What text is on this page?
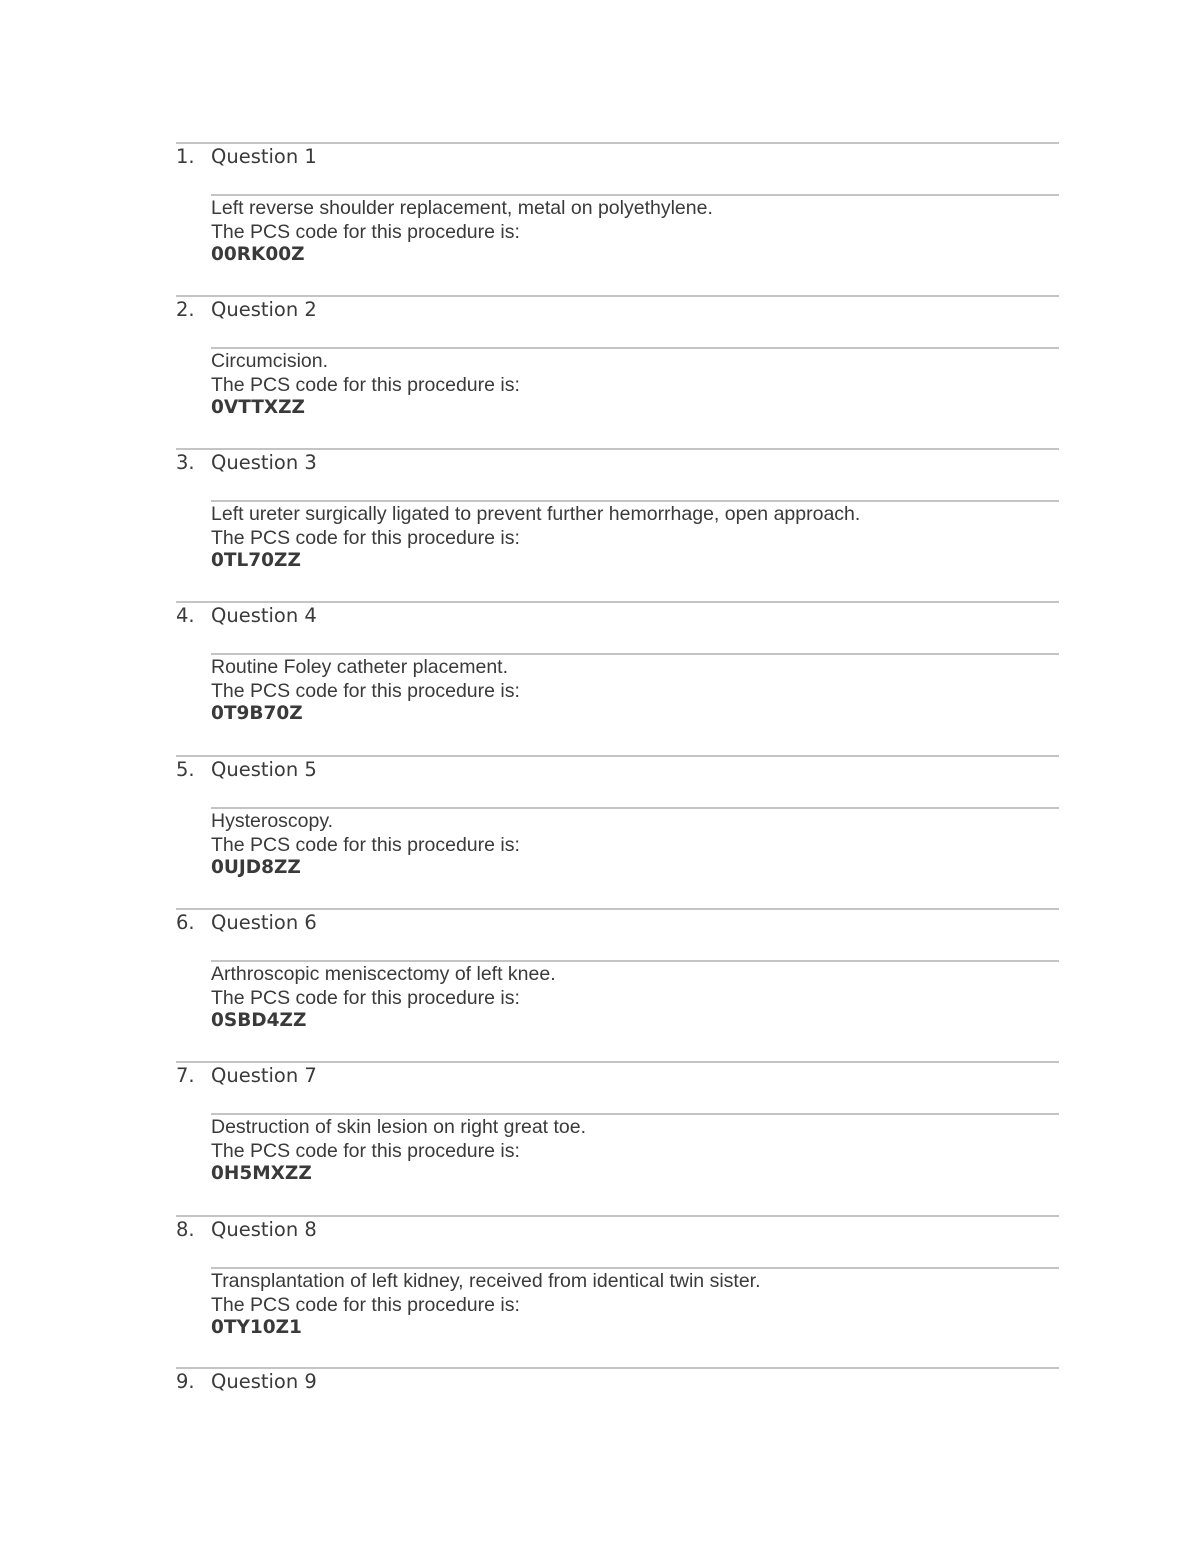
1. Question 1
Left reverse shoulder replacement, metal on polyethylene.
The PCS code for this procedure is:
00RK00Z
2. Question 2
Circumcision.
The PCS code for this procedure is:
0VTTXZZ
3. Question 3
Left ureter surgically ligated to prevent further hemorrhage, open approach.
The PCS code for this procedure is:
0TL70ZZ
4. Question 4
Routine Foley catheter placement.
The PCS code for this procedure is:
0T9B70Z
5. Question 5
Hysteroscopy.
The PCS code for this procedure is:
0UJD8ZZ
6. Question 6
Arthroscopic meniscectomy of left knee.
The PCS code for this procedure is:
0SBD4ZZ
7. Question 7
Destruction of skin lesion on right great toe.
The PCS code for this procedure is:
0H5MXZZ
8. Question 8
Transplantation of left kidney, received from identical twin sister.
The PCS code for this procedure is:
0TY10Z1
9. Question 9
